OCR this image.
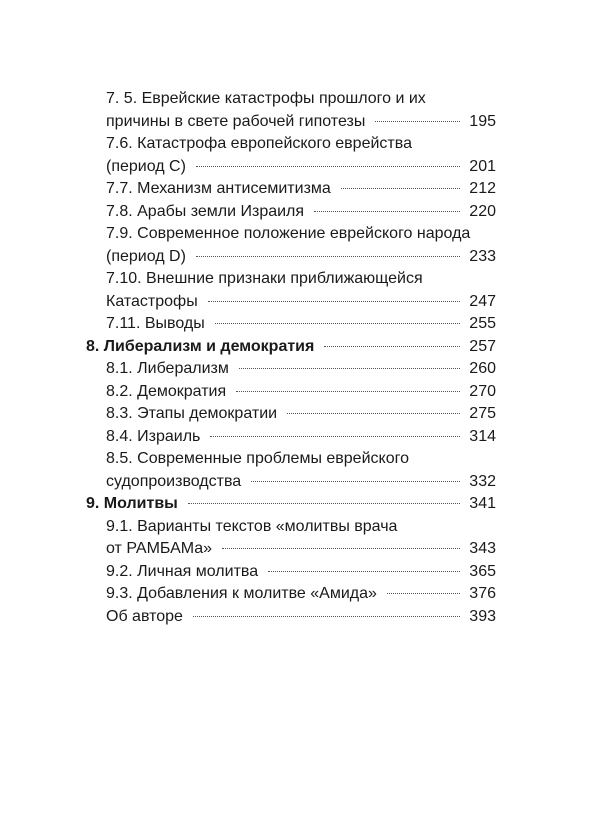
7. 5. Еврейские катастрофы прошлого и их
причины в свете рабочей гипотезы	195
7.6. Катастрофа европейского еврейства
(период С)	201
7.7. Механизм антисемитизма	212
7.8. Арабы земли Израиля	220
7.9. Современное положение еврейского народа
(период D)	233
7.10. Внешние признаки приближающейся
Катастрофы	247
7.11. Выводы	255
8. Либерализм и демократия	257
8.1. Либерализм	260
8.2. Демократия	270
8.3. Этапы демократии	275
8.4. Израиль	314
8.5. Современные проблемы еврейского
судопроизводства	332
9. Молитвы	341
9.1. Варианты текстов «молитвы врача
от РАМБАМа»	343
9.2. Личная молитва	365
9.3. Добавления к молитве «Амида»	376
Об авторе	393
